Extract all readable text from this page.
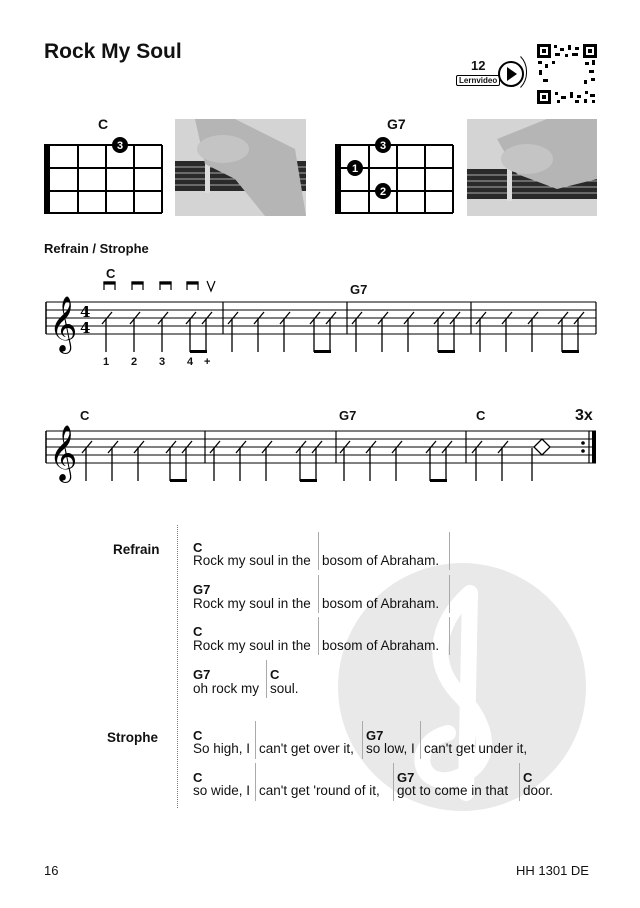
Rock My Soul
12
Lernvideo
C
3
G7
3
1
2
Refrain / Strophe
𝄞 4
4
C
G7
1 2 3 4 +
𝄞
C	G7	C	3x
Refrain
Strophe
C
Rock my soul in the bosom of Abraham.
G7
Rock my soul in the bosom of Abraham.
C
Rock my soul in the bosom of Abraham.
G7
oh rock my
C
soul.
C
So high, I can't get over it,
G7
so low, I can't get under it,
C
so wide, I can't get 'round of it,
G7
got to come in that
C
door.
16	HH 1301 DE
